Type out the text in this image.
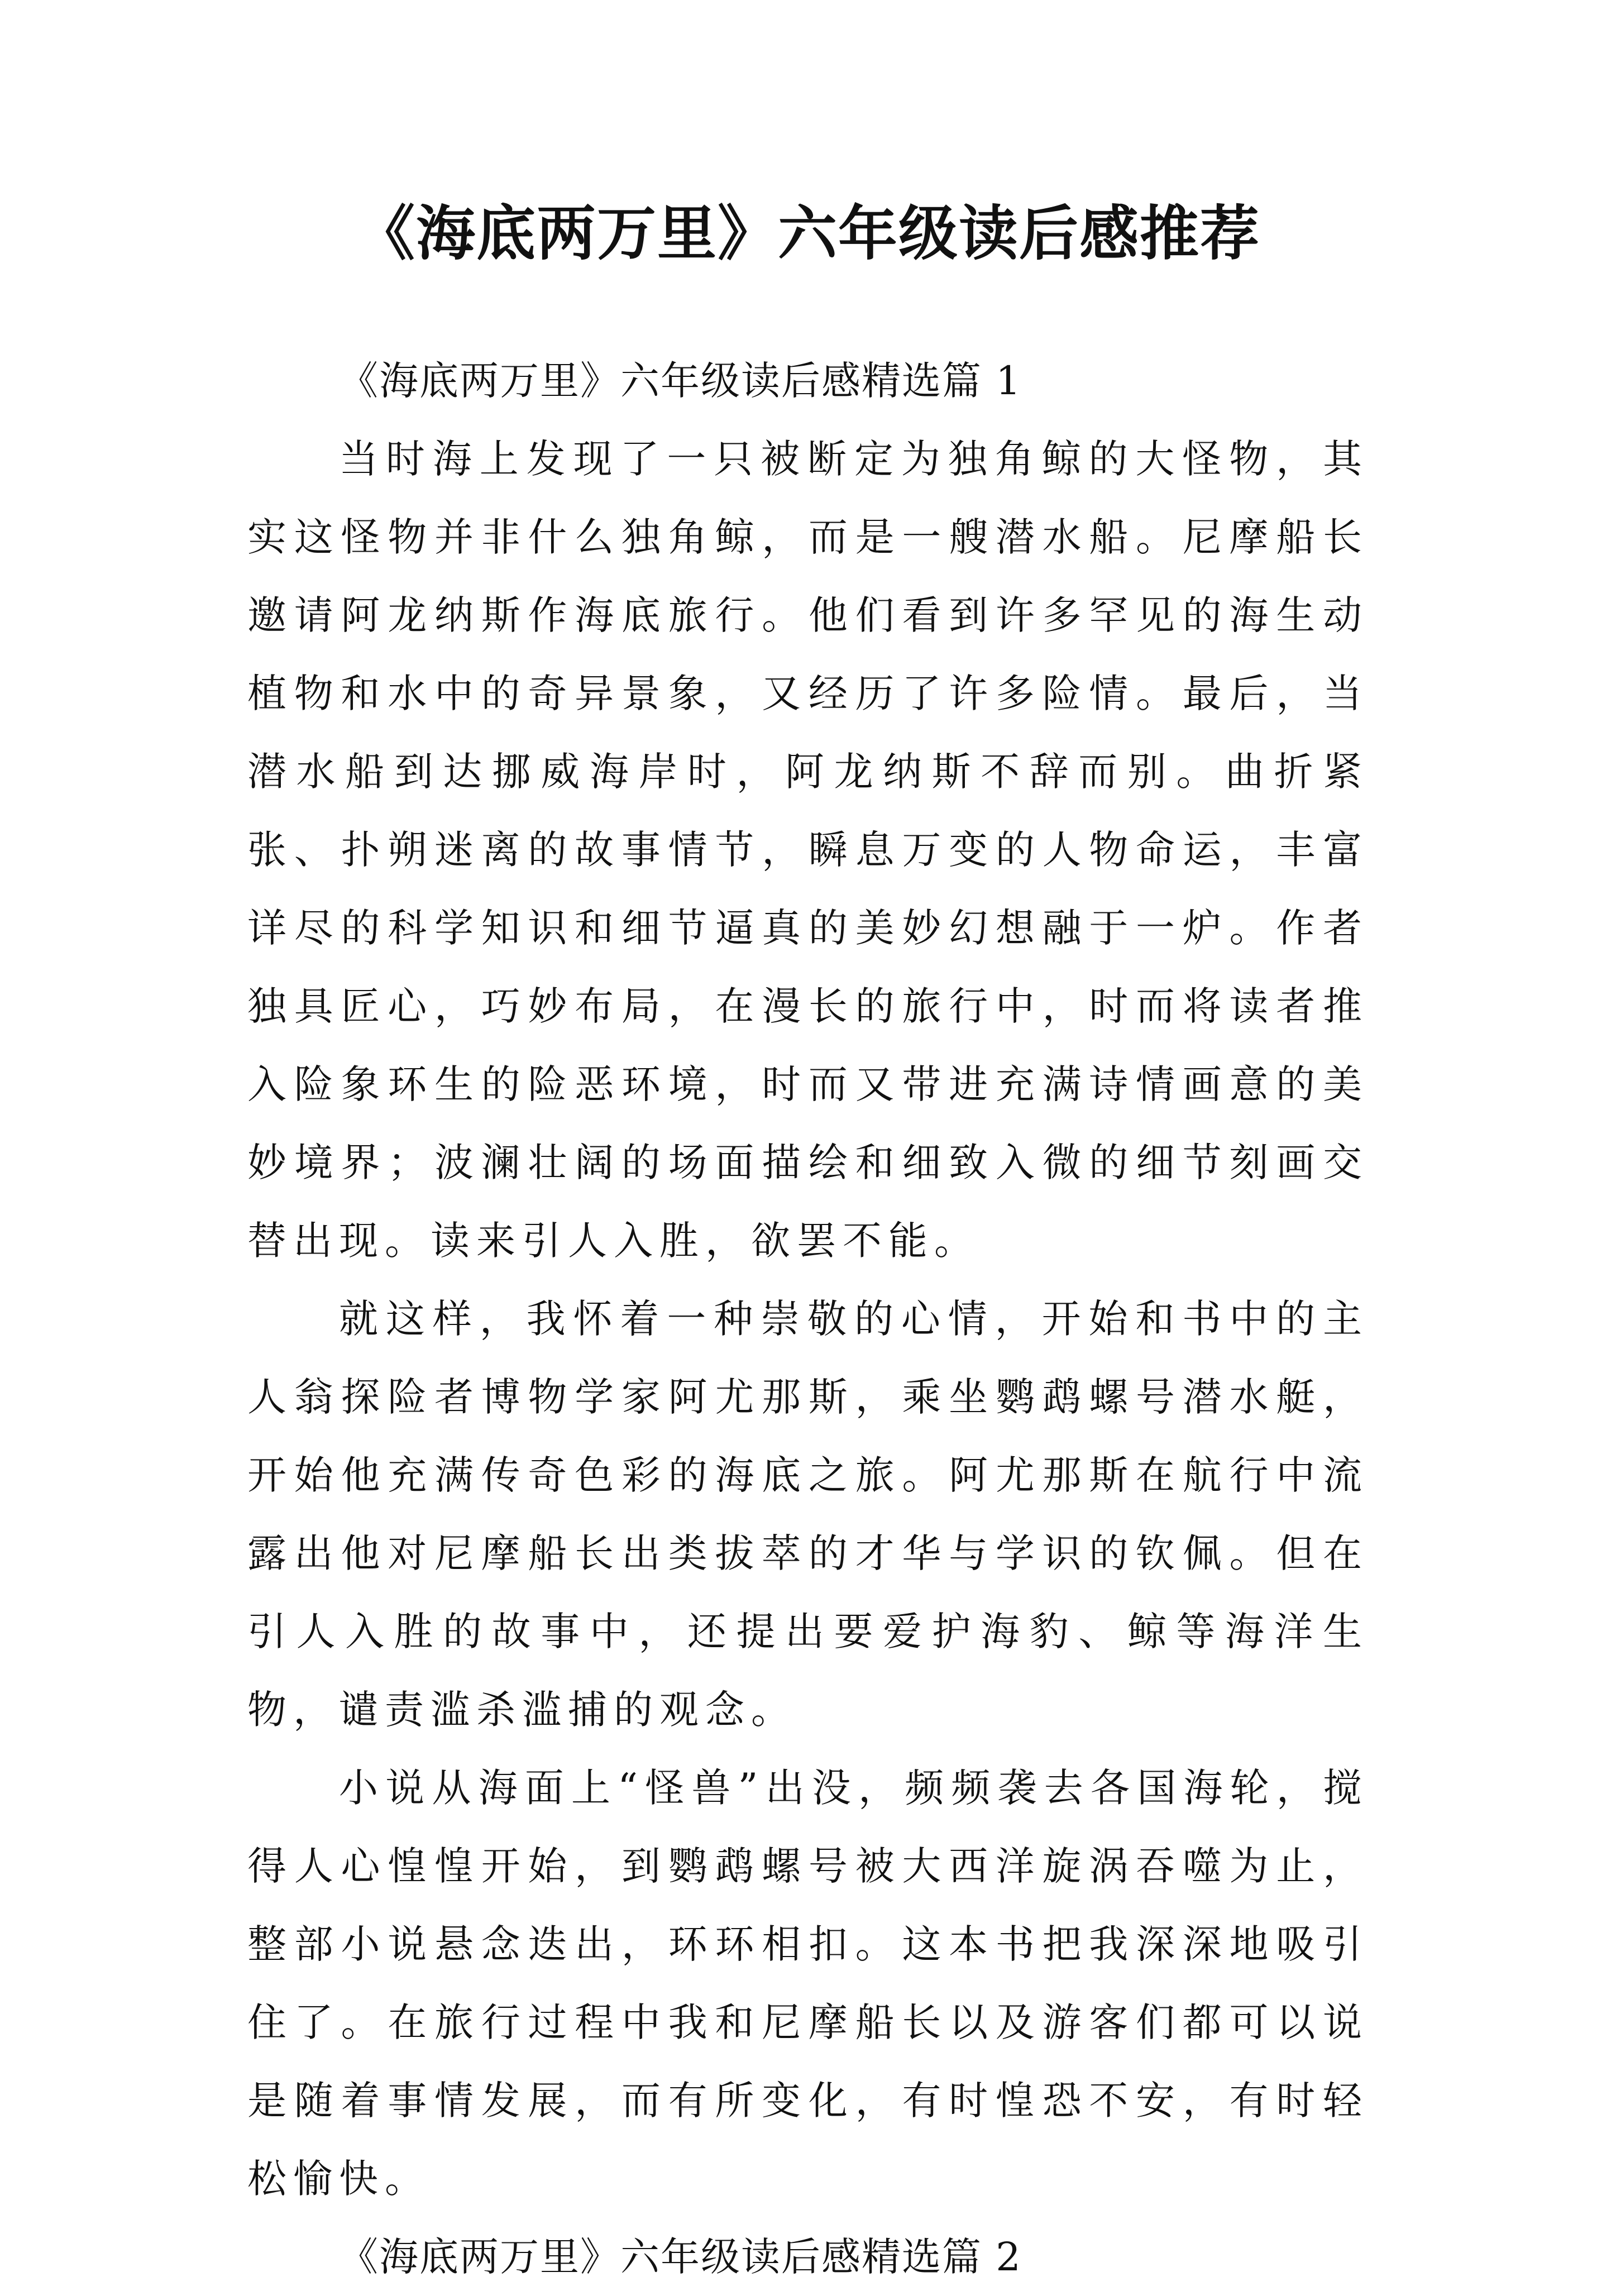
《海底两万里》六年级读后感推荐

《海底两万里》六年级读后感精选篇 1

当时海上发现了一只被断定为独角鲸的大怪物，其实这怪物并非什么独角鲸，而是一艘潜水船。尼摩船长邀请阿龙纳斯作海底旅行。他们看到许多罕见的海生动植物和水中的奇异景象，又经历了许多险情。最后，当潜水船到达挪威海岸时，阿龙纳斯不辞而别。曲折紧张、扑朔迷离的故事情节，瞬息万变的人物命运，丰富详尽的科学知识和细节逼真的美妙幻想融于一炉。作者独具匠心，巧妙布局，在漫长的旅行中，时而将读者推入险象环生的险恶环境，时而又带进充满诗情画意的美妙境界；波澜壮阔的场面描绘和细致入微的细节刻画交替出现。读来引人入胜，欲罢不能。

就这样，我怀着一种崇敬的心情，开始和书中的主人翁探险者博物学家阿尤那斯，乘坐鹦鹉螺号潜水艇，开始他充满传奇色彩的海底之旅。阿尤那斯在航行中流露出他对尼摩船长出类拔萃的才华与学识的钦佩。但在引人入胜的故事中，还提出要爱护海豹、鲸等海洋生物，谴责滥杀滥捕的观念。

小说从海面上“怪兽”出没，频频袭去各国海轮，搅得人心惶惶开始，到鹦鹉螺号被大西洋旋涡吞噬为止，整部小说悬念迭出，环环相扣。这本书把我深深地吸引住了。在旅行过程中我和尼摩船长以及游客们都可以说是随着事情发展，而有所变化，有时惶恐不安，有时轻松愉快。

《海底两万里》六年级读后感精选篇 2
